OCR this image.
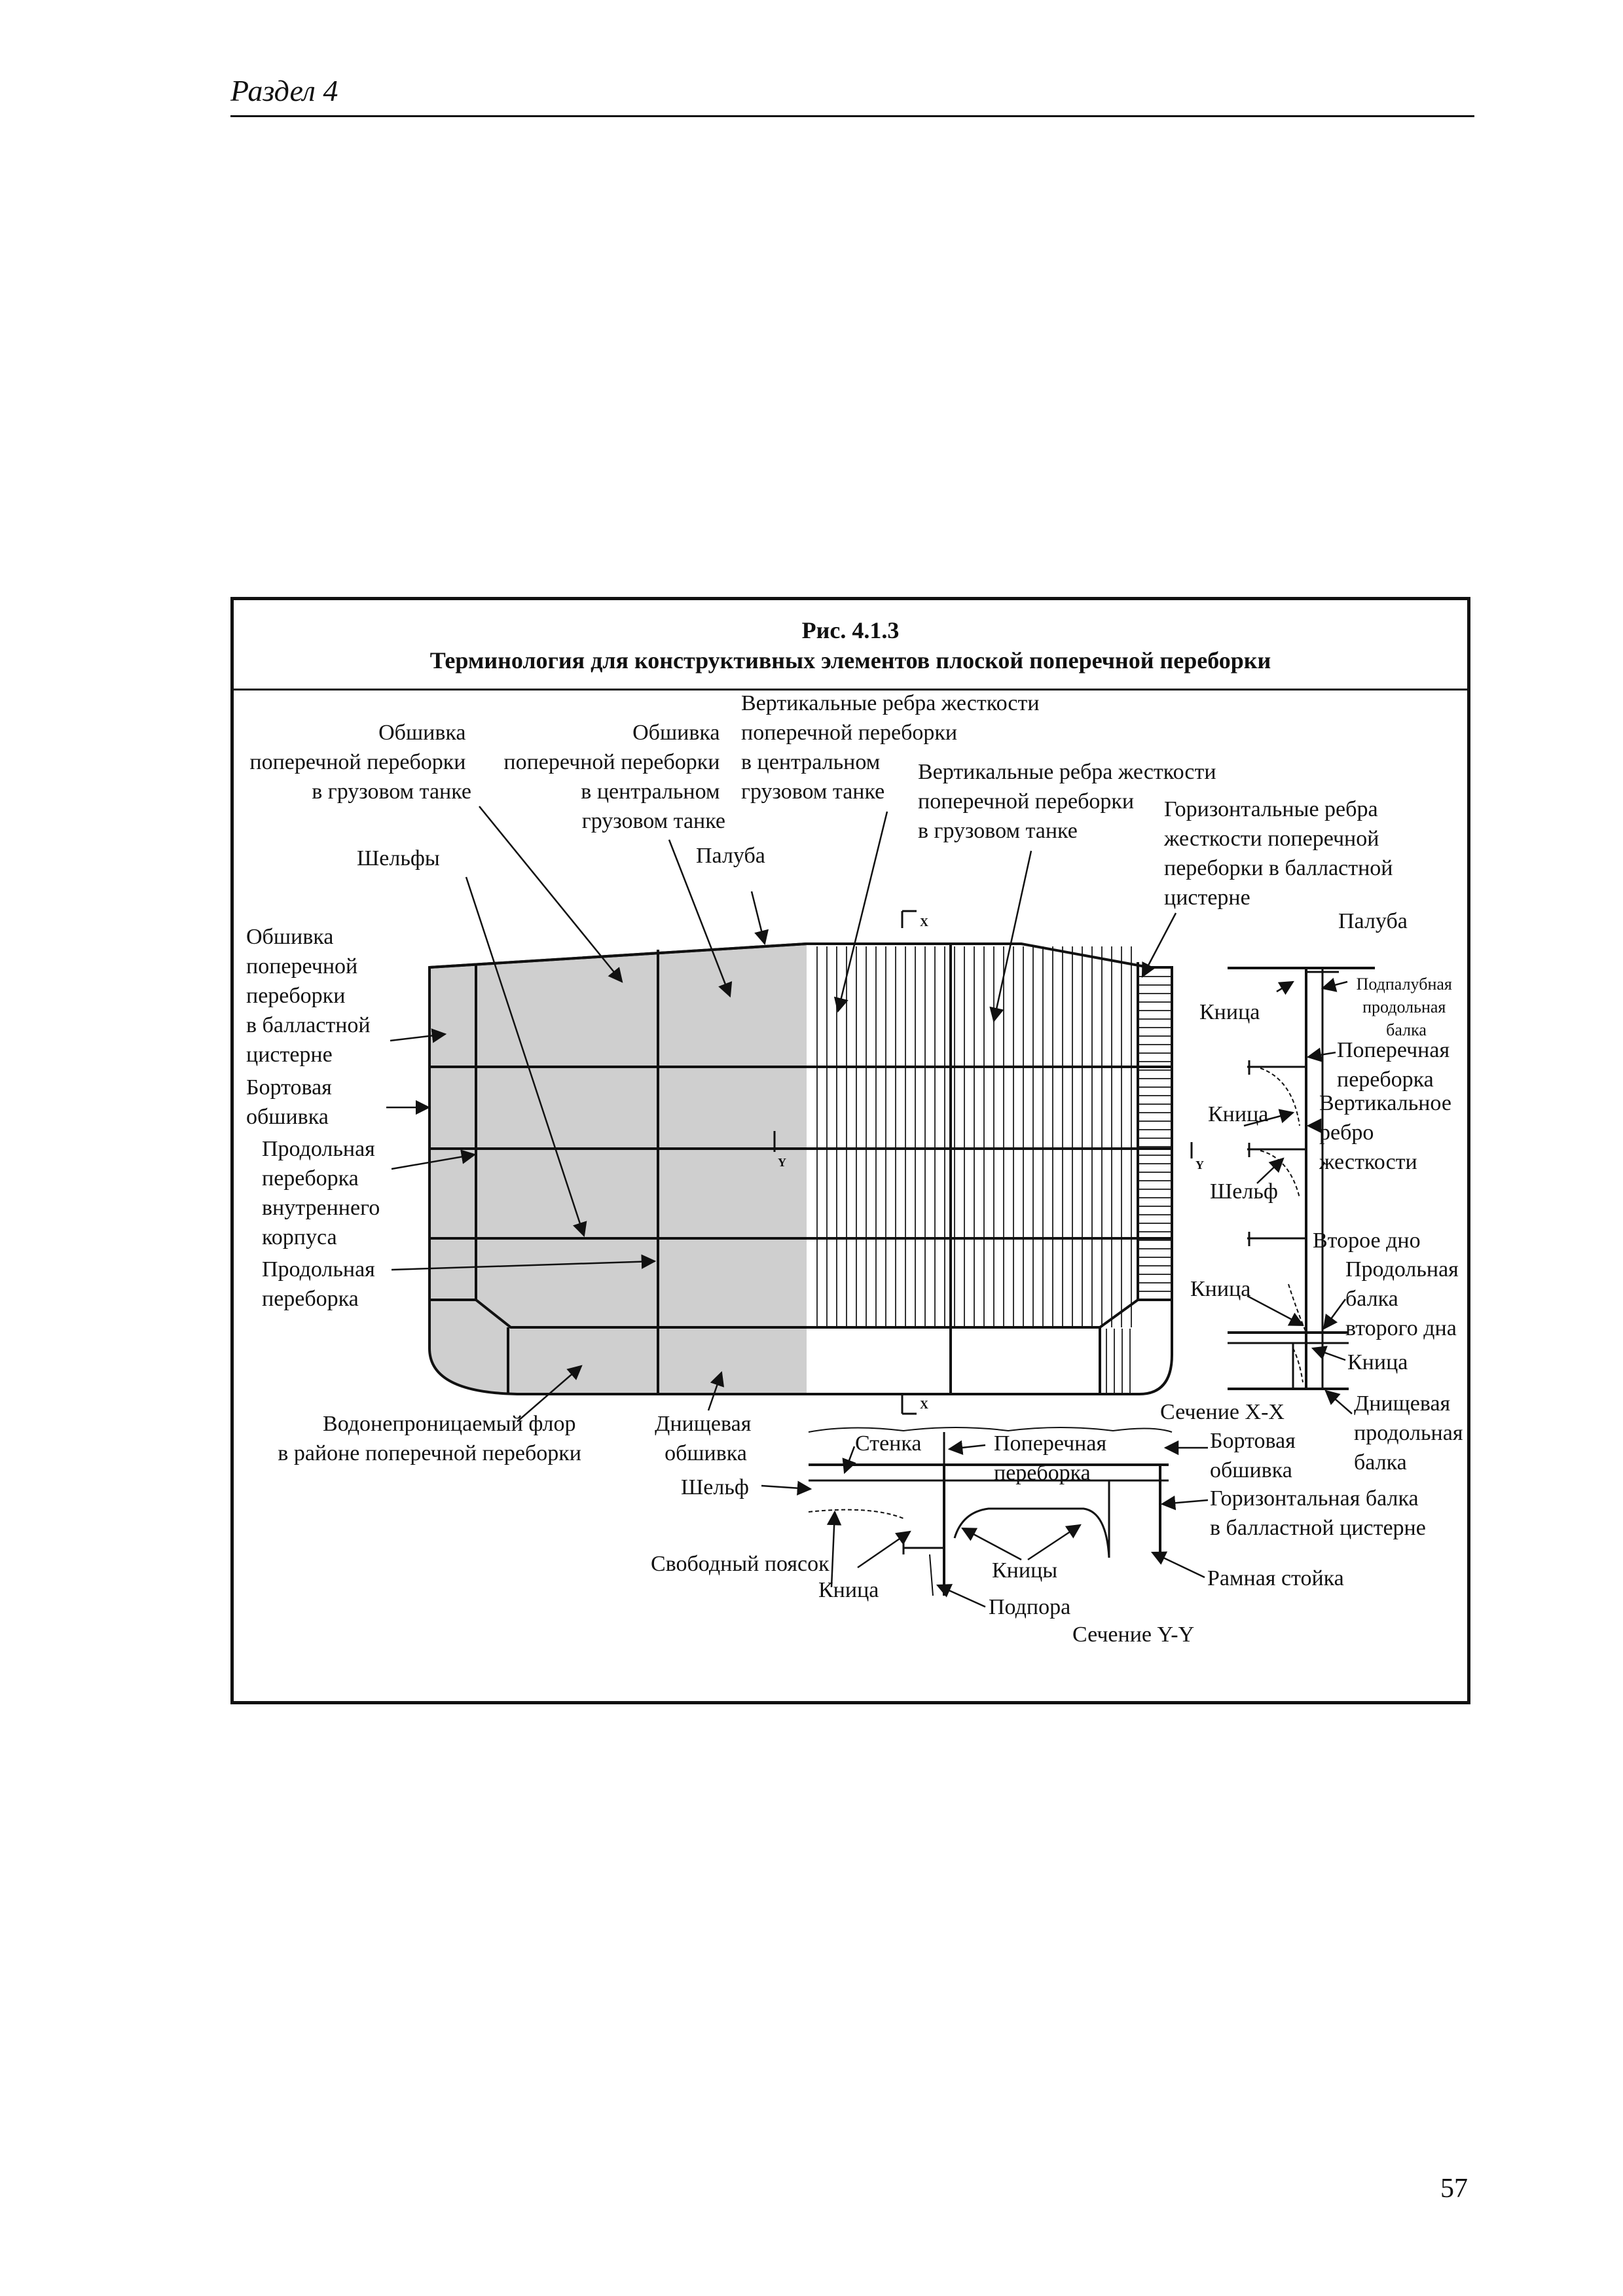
Раздел 4
Рис. 4.1.3
Терминология для конструктивных элементов плоской поперечной переборки
X
Y	Y
X
Обшивка поперечной переборки в грузовом танке
Обшивка поперечной переборки в центральном грузовом танке
Вертикальные ребра жесткости поперечной переборки в центральном грузовом танке
Вертикальные ребра жесткости поперечной переборки в грузовом танке
Горизонтальные ребра жесткости поперечной переборки в балластной цистерне
Шельфы	Палуба
Обшивка поперечной переборки в балластной цистерне
Бортовая обшивка
Продольная переборка внутреннего корпуса
Продольная переборка
Водонепроницаемый флор в районе поперечной переборки
Днищевая обшивка
Палуба
Подпалубная продольная балка
Кница
Поперечная переборка
Кница Вертикальное ребро жесткости
Шельф
Второе дно
Кница
Продольная балка второго дна
Кница
Днищевая продольная балка
Сечение X-X
Стенка	Поперечная переборка
Бортовая обшивка
Шельф	Горизонтальная балка в балластной цистерне
Свободный поясок
Кница
Кницы	Рамная стойка
Подпора
Сечение Y-Y
57
